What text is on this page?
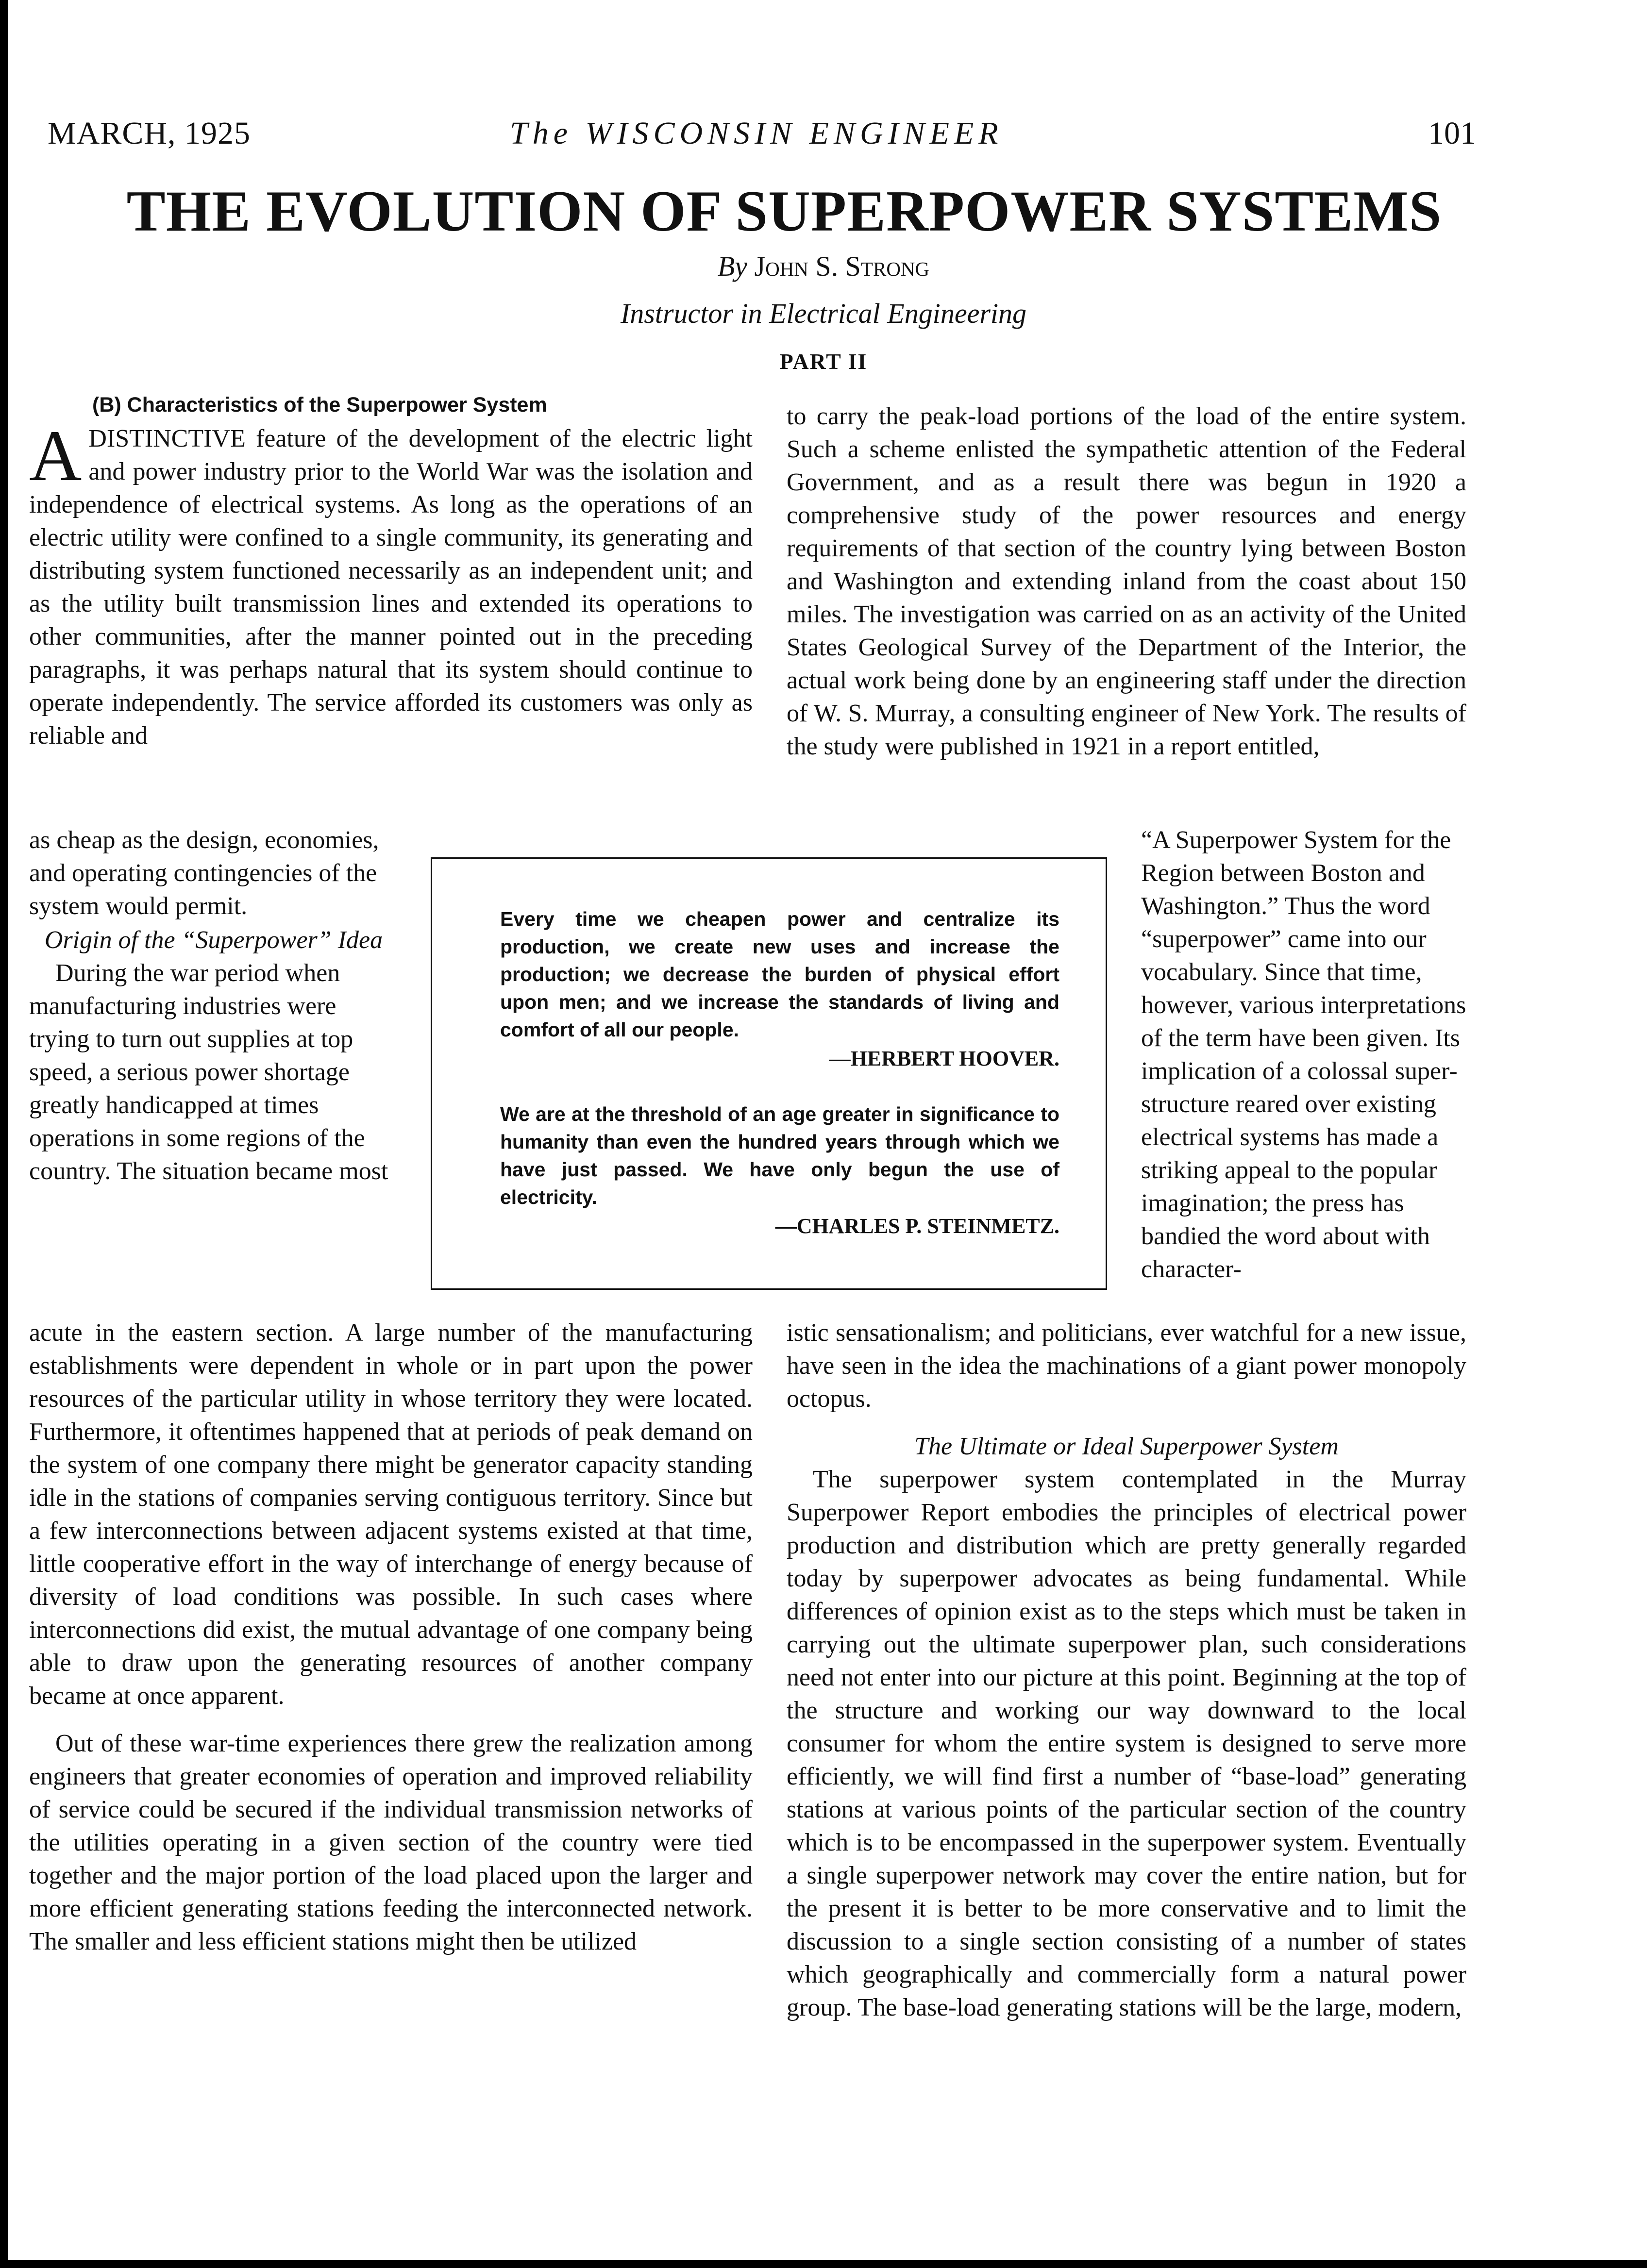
MARCH, 1925	The WISCONSIN ENGINEER	101
THE EVOLUTION OF SUPERPOWER SYSTEMS
By John S. Strong
Instructor in Electrical Engineering
PART II

(B) Characteristics of the Superpower System

ADISTINCTIVE feature of the development of the electric light and power industry prior to the World War was the isolation and independence of electrical systems. As long as the operations of an electric utility were confined to a single community, its generating and distributing system functioned necessarily as an independent unit; and as the utility built transmission lines and extended its operations to other communities, after the manner pointed out in the preceding paragraphs, it was perhaps natural that its system should continue to operate independently. The service afforded its customers was only as reliable and

as cheap as the design, economies, and operating contingencies of the system would permit.

Origin of the “Superpower” Idea

During the war period when manufacturing industries were trying to turn out supplies at top speed, a serious power shortage greatly handicapped at times operations in some regions of the country. The situation became most

acute in the eastern section. A large number of the manufacturing establishments were dependent in whole or in part upon the power resources of the particular utility in whose territory they were located. Furthermore, it oftentimes happened that at periods of peak demand on the system of one company there might be generator capacity standing idle in the stations of companies serving contiguous territory. Since but a few interconnections between adjacent systems existed at that time, little cooperative effort in the way of interchange of energy because of diversity of load conditions was possible. In such cases where interconnections did exist, the mutual advantage of one company being able to draw upon the generating resources of another company became at once apparent.

Out of these war-time experiences there grew the realization among engineers that greater economies of operation and improved reliability of service could be secured if the individual transmission networks of the utilities operating in a given section of the country were tied together and the major portion of the load placed upon the larger and more efficient generating stations feeding the interconnected network. The smaller and less efficient stations might then be utilized

to carry the peak-load portions of the load of the entire system. Such a scheme enlisted the sympathetic attention of the Federal Government, and as a result there was begun in 1920 a comprehensive study of the power resources and energy requirements of that section of the country lying between Boston and Washington and extending inland from the coast about 150 miles. The investigation was carried on as an activity of the United States Geological Survey of the Department of the Interior, the actual work being done by an engineering staff under the direction of W. S. Murray, a consulting engineer of New York. The results of the study were published in 1921 in a report entitled,

“A Superpower System for the Region between Boston and Washington.” Thus the word “superpower” came into our vocabulary. Since that time, however, various interpretations of the term have been given. Its implication of a colossal super-structure reared over existing electrical systems has made a striking appeal to the popular imagination; the press has bandied the word about with character-

istic sensationalism; and politicians, ever watchful for a new issue, have seen in the idea the machinations of a giant power monopoly octopus.

The Ultimate or Ideal Superpower System

The superpower system contemplated in the Murray Superpower Report embodies the principles of electrical power production and distribution which are pretty generally regarded today by superpower advocates as being fundamental. While differences of opinion exist as to the steps which must be taken in carrying out the ultimate superpower plan, such considerations need not enter into our picture at this point. Beginning at the top of the structure and working our way downward to the local consumer for whom the entire system is designed to serve more efficiently, we will find first a number of “base-load” generating stations at various points of the particular section of the country which is to be encompassed in the superpower system. Eventually a single superpower network may cover the entire nation, but for the present it is better to be more conservative and to limit the discussion to a single section consisting of a number of states which geographically and commercially form a natural power group. The base-load generating stations will be the large, modern,

Every time we cheapen power and centralize its production, we create new uses and increase the production; we decrease the burden of physical effort upon men; and we increase the standards of living and comfort of all our people.

—HERBERT HOOVER.

We are at the threshold of an age greater in significance to humanity than even the hundred years through which we have just passed. We have only begun the use of electricity.

—CHARLES P. STEINMETZ.
